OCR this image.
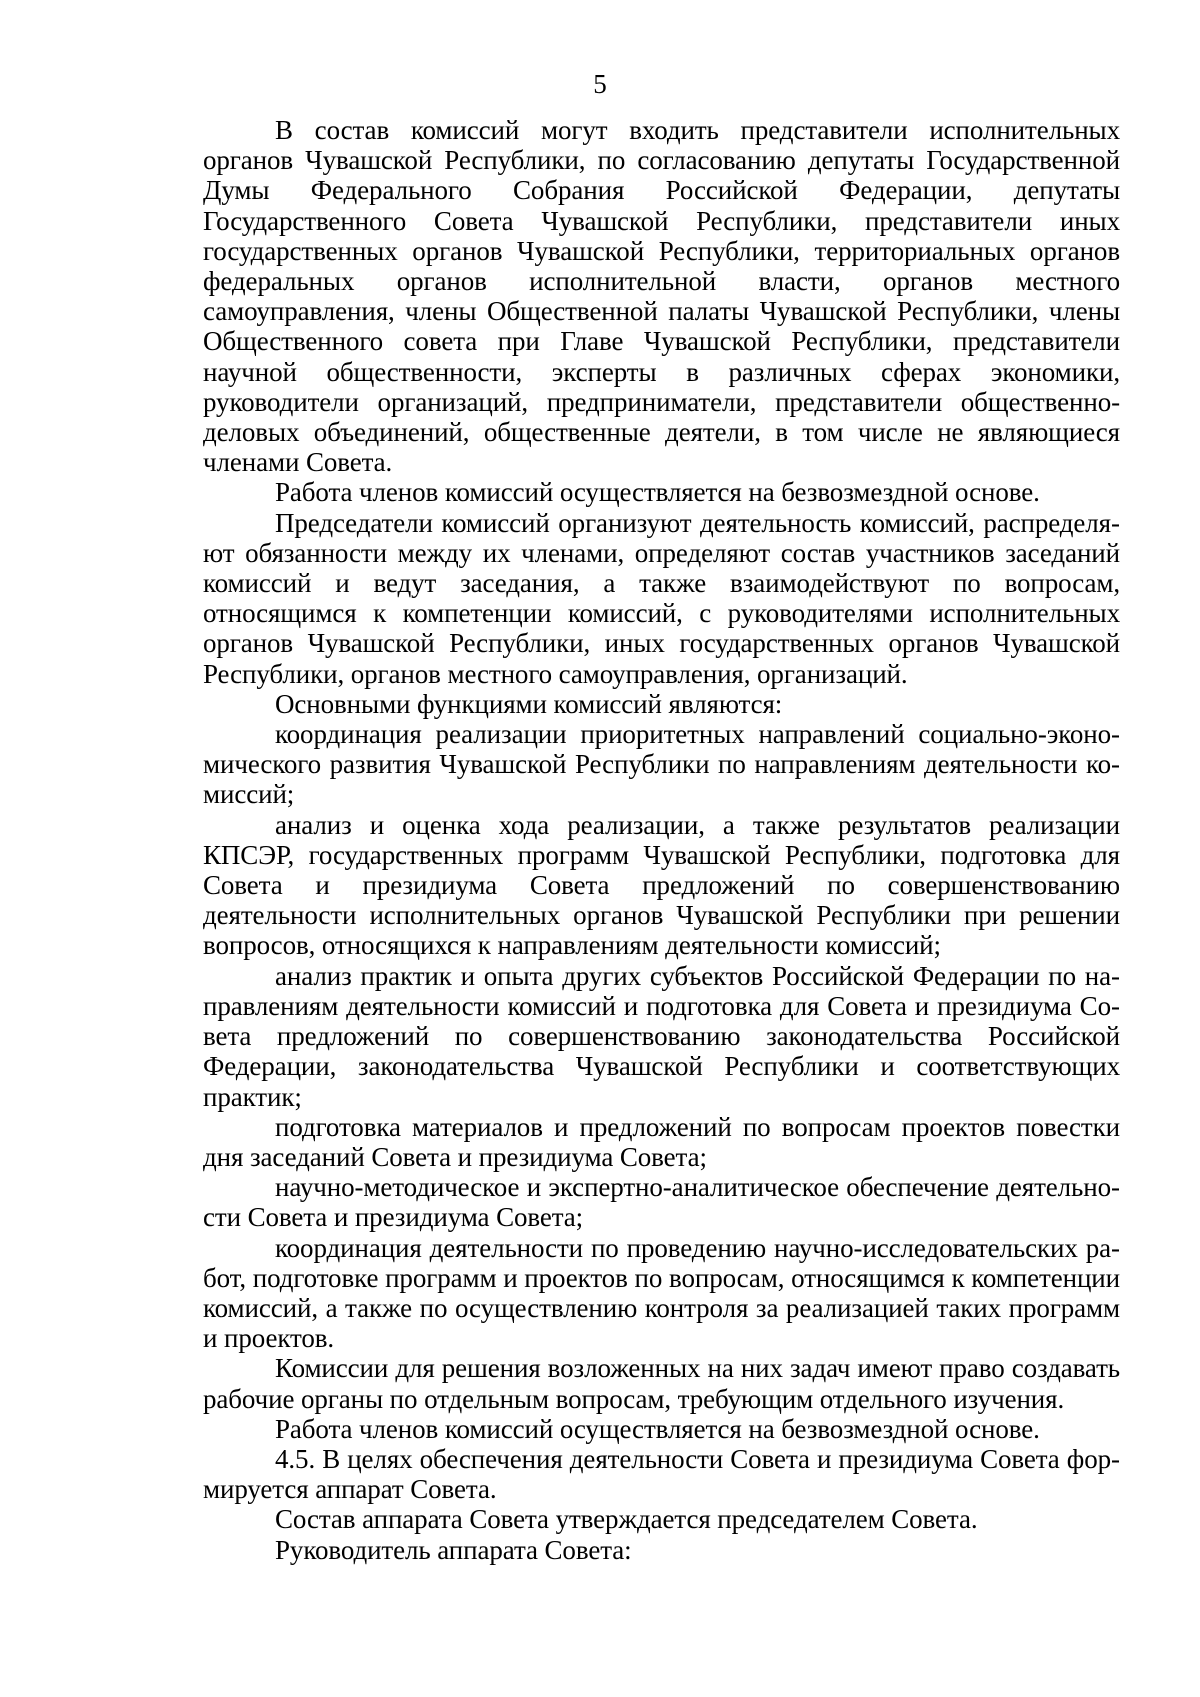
5

В состав комиссий могут входить представители исполнительных органов Чувашской Республики, по согласованию депутаты Государственной Думы Федерального Собрания Российской Федерации, депутаты Государственного Совета Чувашской Республики, представители иных государственных органов Чувашской Республики, территориальных органов федеральных органов исполнительной власти, органов местного самоуправления, члены Общественной палаты Чувашской Республики, члены Общественного совета при Главе Чувашской Республики, представители научной общественности, эксперты в различных сферах экономики, руководители организаций, предприниматели, представители общественно-деловых объединений, общественные деятели, в том числе не являющиеся членами Совета.

Работа членов комиссий осуществляется на безвозмездной основе.

Председатели комиссий организуют деятельность комиссий, распределяют обязанности между их членами, определяют состав участников заседаний комиссий и ведут заседания, а также взаимодействуют по вопросам, относящимся к компетенции комиссий, с руководителями исполнительных органов Чувашской Республики, иных государственных органов Чувашской Республики, органов местного самоуправления, организаций.

Основными функциями комиссий являются:

координация реализации приоритетных направлений социально-экономического развития Чувашской Республики по направлениям деятельности комиссий;

анализ и оценка хода реализации, а также результатов реализации КПСЭР, государственных программ Чувашской Республики, подготовка для Совета и президиума Совета предложений по совершенствованию деятельности исполнительных органов Чувашской Республики при решении вопросов, относящихся к направлениям деятельности комиссий;

анализ практик и опыта других субъектов Российской Федерации по направлениям деятельности комиссий и подготовка для Совета и президиума Совета предложений по совершенствованию законодательства Российской Федерации, законодательства Чувашской Республики и соответствующих практик;

подготовка материалов и предложений по вопросам проектов повестки дня заседаний Совета и президиума Совета;

научно-методическое и экспертно-аналитическое обеспечение деятельности Совета и президиума Совета;

координация деятельности по проведению научно-исследовательских работ, подготовке программ и проектов по вопросам, относящимся к компетенции комиссий, а также по осуществлению контроля за реализацией таких программ и проектов.

Комиссии для решения возложенных на них задач имеют право создавать рабочие органы по отдельным вопросам, требующим отдельного изучения.

Работа членов комиссий осуществляется на безвозмездной основе.

4.5. В целях обеспечения деятельности Совета и президиума Совета формируется аппарат Совета.

Состав аппарата Совета утверждается председателем Совета.

Руководитель аппарата Совета:
